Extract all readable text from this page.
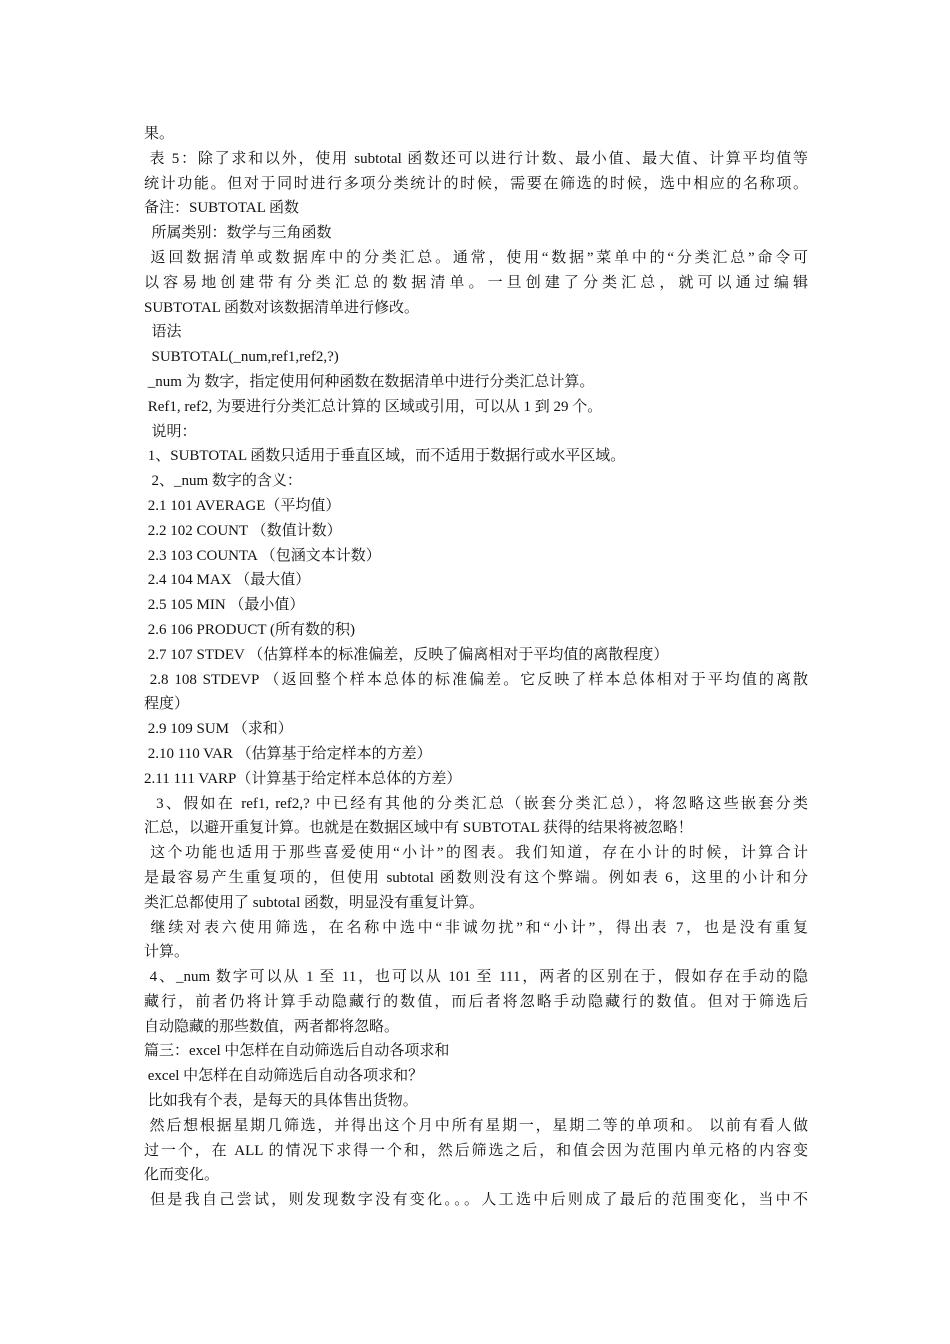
果。
表 5：除了求和以外，使用 subtotal 函数还可以进行计数、最小值、最大值、计算平均值等
统计功能。但对于同时进行多项分类统计的时候，需要在筛选的时候，选中相应的名称项。
备注：SUBTOTAL 函数
所属类别：数学与三角函数
返回数据清单或数据库中的分类汇总。通常，使用“数据”菜单中的“分类汇总”命令可
以容易地创建带有分类汇总的数据清单。一旦创建了分类汇总，就可以通过编辑
SUBTOTAL 函数对该数据清单进行修改。
语法
SUBTOTAL(_num,ref1,ref2,?)
_num 为 数字，指定使用何种函数在数据清单中进行分类汇总计算。
Ref1, ref2, 为要进行分类汇总计算的 区域或引用，可以从 1 到 29 个。
说明：
1、SUBTOTAL 函数只适用于垂直区域，而不适用于数据行或水平区域。
2、_num 数字的含义：
2.1 101 AVERAGE（平均值）
2.2 102 COUNT （数值计数）
2.3 103 COUNTA （包涵文本计数）
2.4 104 MAX （最大值）
2.5 105 MIN （最小值）
2.6 106 PRODUCT (所有数的积)
2.7 107 STDEV （估算样本的标准偏差，反映了偏离相对于平均值的离散程度）
2.8 108 STDEVP （返回整个样本总体的标准偏差。它反映了样本总体相对于平均值的离散
程度）
2.9 109 SUM （求和）
2.10 110 VAR （估算基于给定样本的方差）
2.11 111 VARP（计算基于给定样本总体的方差）
3、假如在 ref1, ref2,? 中已经有其他的分类汇总（嵌套分类汇总），将忽略这些嵌套分类
汇总，以避开重复计算。也就是在数据区域中有 SUBTOTAL 获得的结果将被忽略！
这个功能也适用于那些喜爱使用“小计”的图表。我们知道，存在小计的时候，计算合计
是最容易产生重复项的，但使用 subtotal 函数则没有这个弊端。例如表 6，这里的小计和分
类汇总都使用了 subtotal 函数，明显没有重复计算。
继续对表六使用筛选，在名称中选中“非诚勿扰”和“小计”，得出表 7，也是没有重复
计算。
4、_num 数字可以从 1 至 11，也可以从 101 至 111，两者的区别在于，假如存在手动的隐
藏行，前者仍将计算手动隐藏行的数值，而后者将忽略手动隐藏行的数值。但对于筛选后
自动隐藏的那些数值，两者都将忽略。
篇三：excel 中怎样在自动筛选后自动各项求和
excel 中怎样在自动筛选后自动各项求和？
比如我有个表，是每天的具体售出货物。
然后想根据星期几筛选，并得出这个月中所有星期一，星期二等的单项和。 以前有看人做
过一个，在 ALL 的情况下求得一个和，然后筛选之后，和值会因为范围内单元格的内容变
化而变化。
但是我自己尝试，则发现数字没有变化。。。人工选中后则成了最后的范围变化，当中不
